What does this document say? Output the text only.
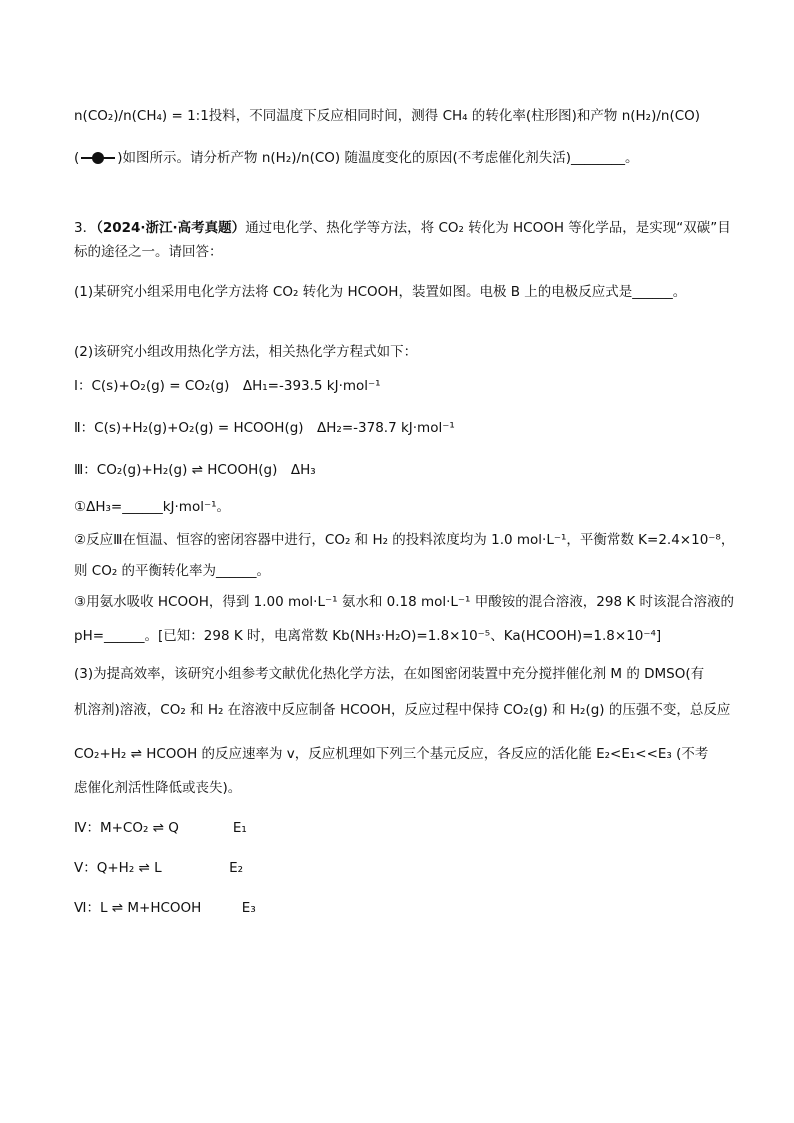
n(CO₂)/n(CH₄) = 1:1投料，不同温度下反应相同时间，测得 CH₄ 的转化率(柱形图)和产物 n(H₂)/n(CO)
(	)如图所示。请分析产物 n(H₂)/n(CO) 随温度变化的原因(不考虑催化剂失活)________。
3．（2024·浙江·高考真题）通过电化学、热化学等方法，将 CO₂ 转化为 HCOOH 等化学品，是实现“双碳”目
标的途径之一。请回答：
(1)某研究小组采用电化学方法将 CO₂ 转化为 HCOOH，装置如图。电极 B 上的电极反应式是______。
(2)该研究小组改用热化学方法，相关热化学方程式如下：
Ⅰ：C(s)+O₂(g) = CO₂(g)　ΔH₁=-393.5 kJ·mol⁻¹
Ⅱ：C(s)+H₂(g)+O₂(g) = HCOOH(g)　ΔH₂=-378.7 kJ·mol⁻¹
Ⅲ：CO₂(g)+H₂(g) ⇌ HCOOH(g)　ΔH₃
①ΔH₃=______kJ·mol⁻¹。
②反应Ⅲ在恒温、恒容的密闭容器中进行，CO₂ 和 H₂ 的投料浓度均为 1.0 mol·L⁻¹，平衡常数 K=2.4×10⁻⁸，
则 CO₂ 的平衡转化率为______。
③用氨水吸收 HCOOH，得到 1.00 mol·L⁻¹ 氨水和 0.18 mol·L⁻¹ 甲酸铵的混合溶液，298 K 时该混合溶液的
pH=______。[已知：298 K 时，电离常数 Kb(NH₃·H₂O)=1.8×10⁻⁵、Ka(HCOOH)=1.8×10⁻⁴]
(3)为提高效率，该研究小组参考文献优化热化学方法，在如图密闭装置中充分搅拌催化剂 M 的 DMSO(有
机溶剂)溶液，CO₂ 和 H₂ 在溶液中反应制备 HCOOH，反应过程中保持 CO₂(g) 和 H₂(g) 的压强不变，总反应
CO₂+H₂ ⇌ HCOOH 的反应速率为 v，反应机理如下列三个基元反应，各反应的活化能 E₂<E₁<<E₃ (不考
虑催化剂活性降低或丧失)。
Ⅳ：M+CO₂ ⇌ Q　　　　E₁
Ⅴ：Q+H₂ ⇌ L　　　　　E₂
Ⅵ：L ⇌ M+HCOOH　　　E₃
